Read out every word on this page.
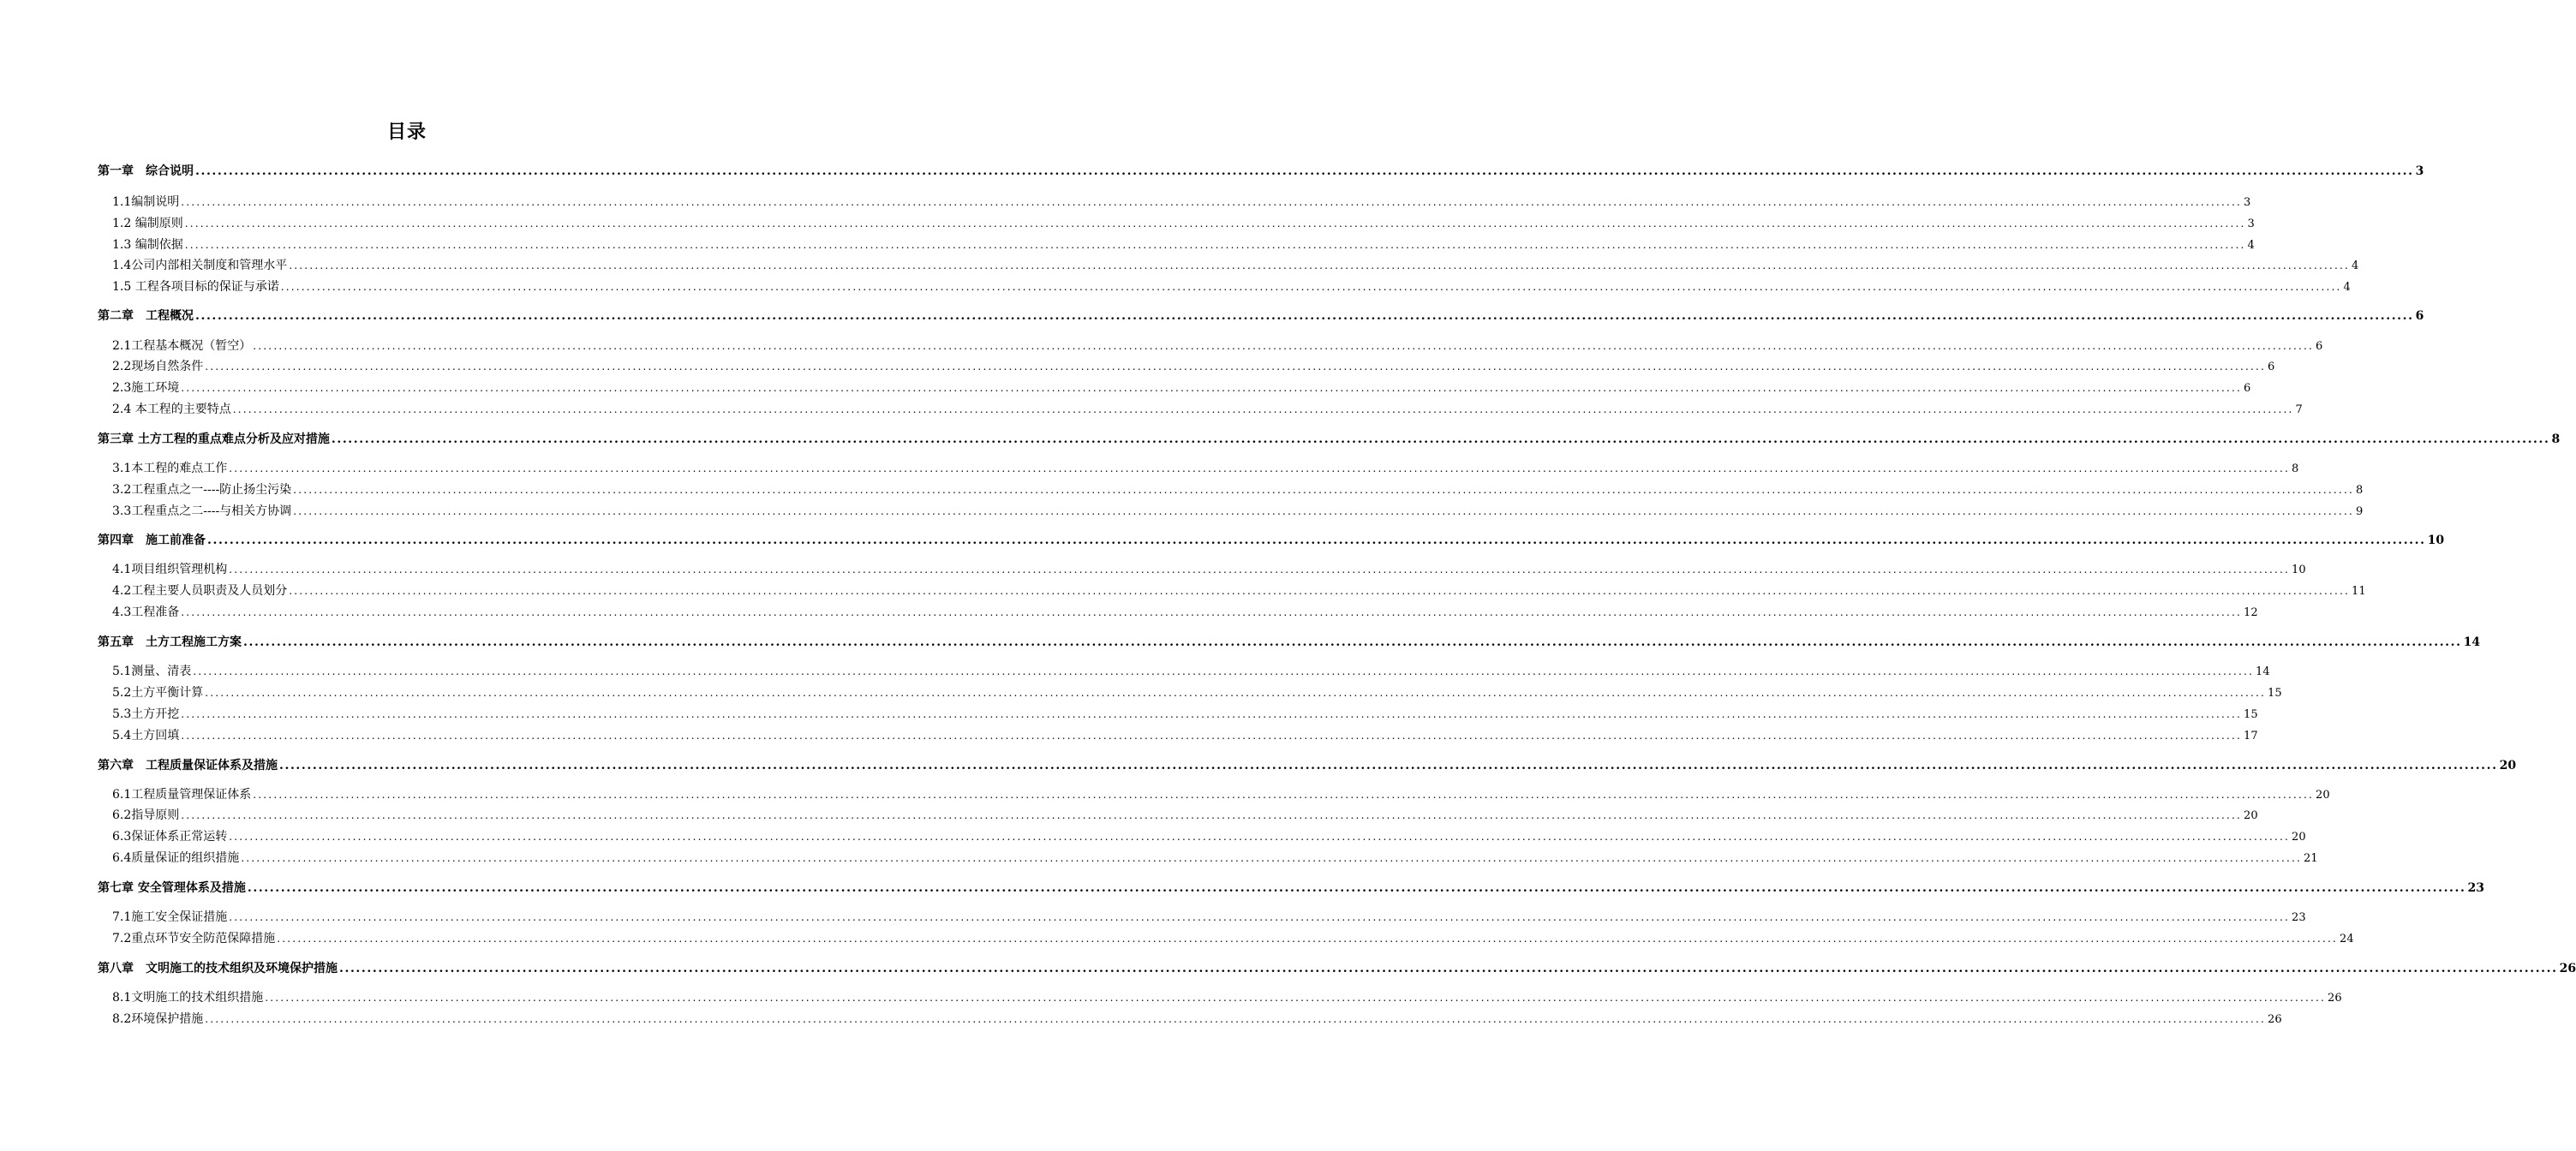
目录
第一章　综合说明 ................................................................................................................................................................................................................................................................................................................................................................................................................ 3
1.1编制说明 ................................................................................................................................................................................................................................................................................................................................................................................................................ 3
1.2 编制原则 ................................................................................................................................................................................................................................................................................................................................................................................................................ 3
1.3 编制依据 ................................................................................................................................................................................................................................................................................................................................................................................................................ 4
1.4公司内部相关制度和管理水平 ................................................................................................................................................................................................................................................................................................................................................................................................................ 4
1.5 工程各项目标的保证与承诺 ................................................................................................................................................................................................................................................................................................................................................................................................................ 4
第二章　工程概况 ................................................................................................................................................................................................................................................................................................................................................................................................................ 6
2.1工程基本概况（暂空） ................................................................................................................................................................................................................................................................................................................................................................................................................ 6
2.2现场自然条件 ................................................................................................................................................................................................................................................................................................................................................................................................................ 6
2.3施工环境 ................................................................................................................................................................................................................................................................................................................................................................................................................ 6
2.4 本工程的主要特点 ................................................................................................................................................................................................................................................................................................................................................................................................................ 7
第三章 土方工程的重点难点分析及应对措施 ................................................................................................................................................................................................................................................................................................................................................................................................................ 8
3.1本工程的难点工作 ................................................................................................................................................................................................................................................................................................................................................................................................................ 8
3.2工程重点之一----防止扬尘污染 ................................................................................................................................................................................................................................................................................................................................................................................................................ 8
3.3工程重点之二----与相关方协调 ................................................................................................................................................................................................................................................................................................................................................................................................................ 9
第四章　施工前准备 ................................................................................................................................................................................................................................................................................................................................................................................................................ 10
4.1项目组织管理机构 ................................................................................................................................................................................................................................................................................................................................................................................................................ 10
4.2工程主要人员职责及人员划分 ................................................................................................................................................................................................................................................................................................................................................................................................................ 11
4.3工程准备 ................................................................................................................................................................................................................................................................................................................................................................................................................ 12
第五章　土方工程施工方案 ................................................................................................................................................................................................................................................................................................................................................................................................................ 14
5.1测量、清表 ................................................................................................................................................................................................................................................................................................................................................................................................................ 14
5.2土方平衡计算 ................................................................................................................................................................................................................................................................................................................................................................................................................ 15
5.3土方开挖 ................................................................................................................................................................................................................................................................................................................................................................................................................ 15
5.4土方回填 ................................................................................................................................................................................................................................................................................................................................................................................................................ 17
第六章　工程质量保证体系及措施 ................................................................................................................................................................................................................................................................................................................................................................................................................ 20
6.1工程质量管理保证体系 ................................................................................................................................................................................................................................................................................................................................................................................................................ 20
6.2指导原则 ................................................................................................................................................................................................................................................................................................................................................................................................................ 20
6.3保证体系正常运转 ................................................................................................................................................................................................................................................................................................................................................................................................................ 20
6.4质量保证的组织措施 ................................................................................................................................................................................................................................................................................................................................................................................................................ 21
第七章 安全管理体系及措施 ................................................................................................................................................................................................................................................................................................................................................................................................................ 23
7.1施工安全保证措施 ................................................................................................................................................................................................................................................................................................................................................................................................................ 23
7.2重点环节安全防范保障措施 ................................................................................................................................................................................................................................................................................................................................................................................................................ 24
第八章　文明施工的技术组织及环境保护措施 ................................................................................................................................................................................................................................................................................................................................................................................................................ 26
8.1文明施工的技术组织措施 ................................................................................................................................................................................................................................................................................................................................................................................................................ 26
8.2环境保护措施 ................................................................................................................................................................................................................................................................................................................................................................................................................ 26
